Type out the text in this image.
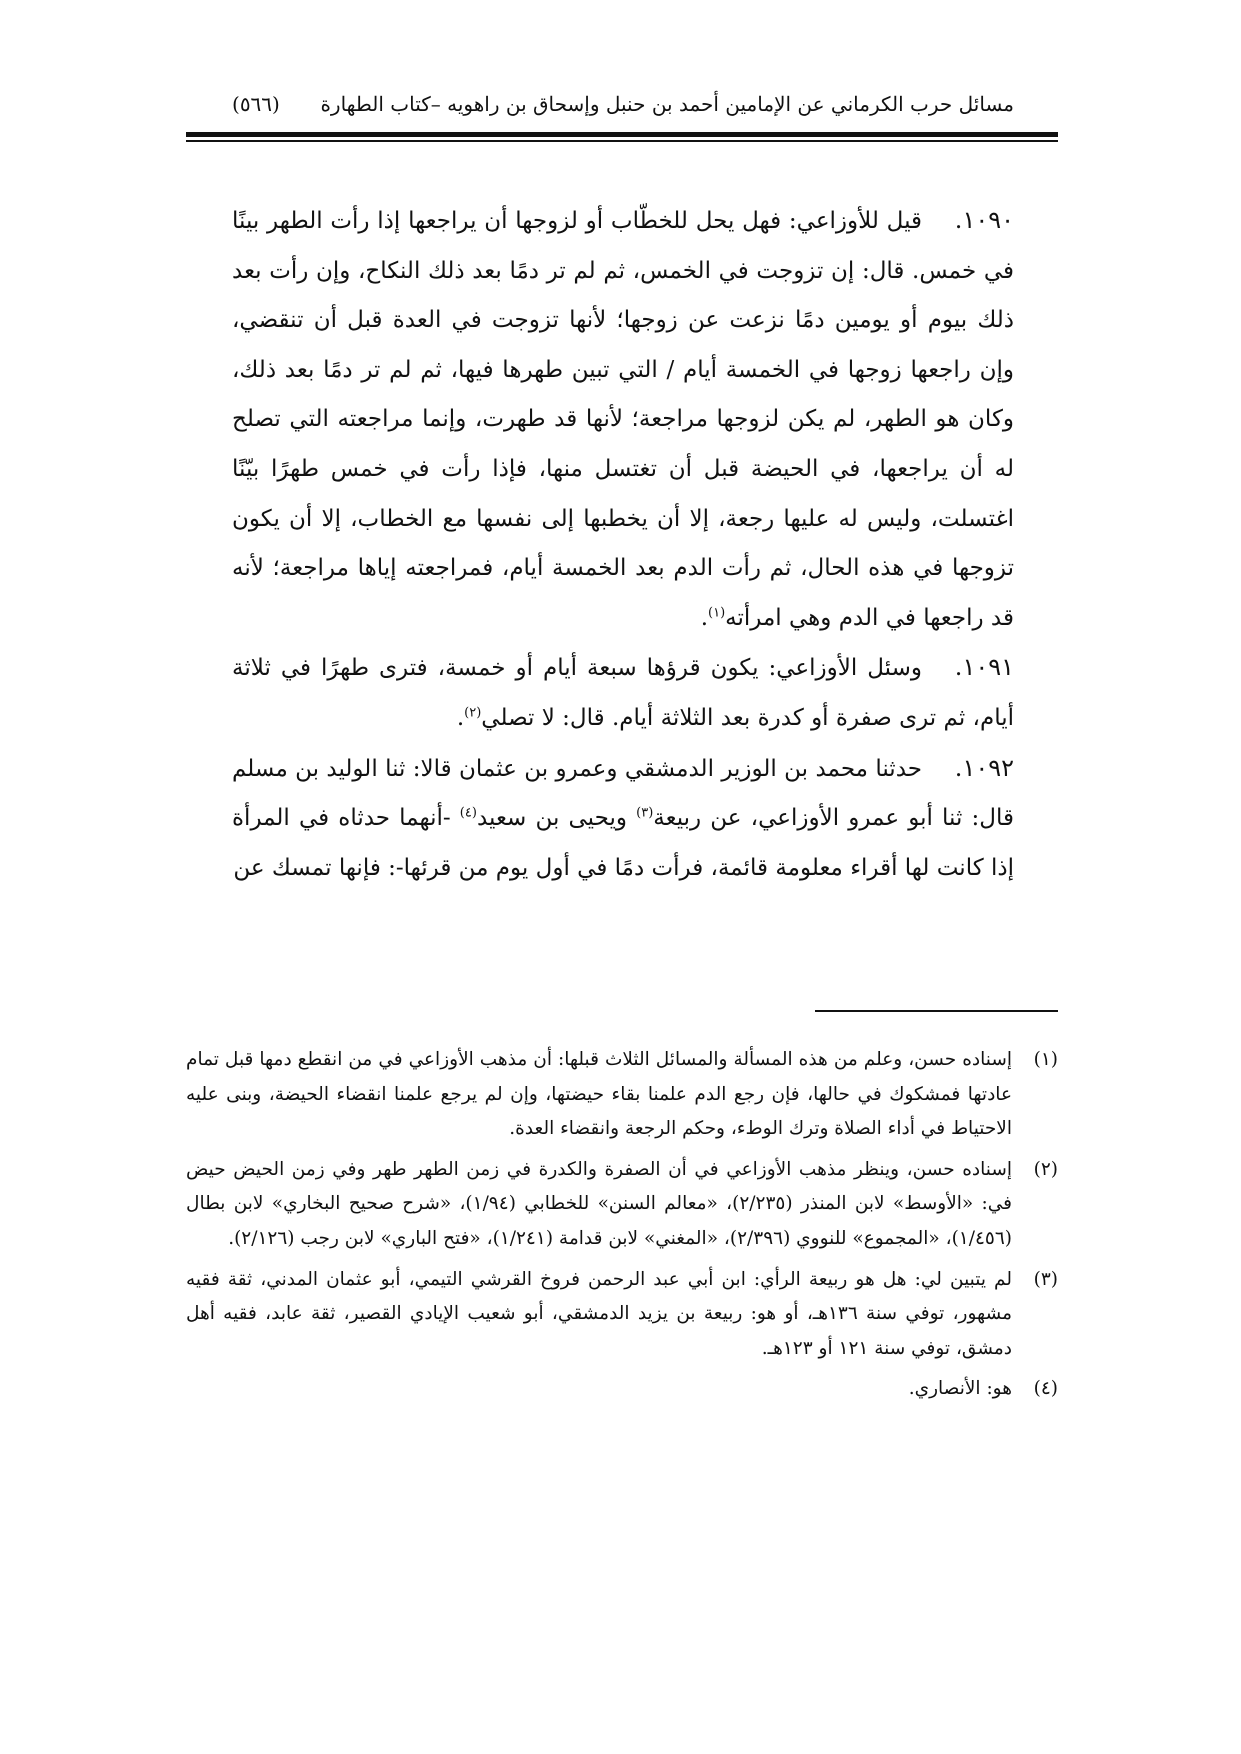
مسائل حرب الكرماني عن الإمامين أحمد بن حنبل وإسحاق بن راهويه –كتاب الطهارة
(٥٦٦)

١٠٩٠.قيل للأوزاعي: فهل يحل للخطّاب أو لزوجها أن يراجعها إذا رأت الطهر بينًا في خمس. قال: إن تزوجت في الخمس، ثم لم تر دمًا بعد ذلك النكاح، وإن رأت بعد ذلك بيوم أو يومين دمًا نزعت عن زوجها؛ لأنها تزوجت في العدة قبل أن تنقضي، وإن راجعها زوجها في الخمسة أيام / التي تبين طهرها فيها، ثم لم تر دمًا بعد ذلك، وكان هو الطهر، لم يكن لزوجها مراجعة؛ لأنها قد طهرت، وإنما مراجعته التي تصلح له أن يراجعها، في الحيضة قبل أن تغتسل منها، فإذا رأت في خمس طهرًا بيّنًا اغتسلت، وليس له عليها رجعة، إلا أن يخطبها إلى نفسها مع الخطاب، إلا أن يكون تزوجها في هذه الحال، ثم رأت الدم بعد الخمسة أيام، فمراجعته إياها مراجعة؛ لأنه قد راجعها في الدم وهي امرأته$^{(١)}$.

١٠٩١.وسئل الأوزاعي: يكون قرؤها سبعة أيام أو خمسة، فترى طهرًا في ثلاثة أيام، ثم ترى صفرة أو كدرة بعد الثلاثة أيام. قال: لا تصلي$^{(٢)}$.

١٠٩٢.حدثنا محمد بن الوزير الدمشقي وعمرو بن عثمان قالا: ثنا الوليد بن مسلم قال: ثنا أبو عمرو الأوزاعي، عن ربيعة$^{(٣)}$ ويحيى بن سعيد$^{(٤)}$ -أنهما حدثاه في المرأة إذا كانت لها أقراء معلومة قائمة، فرأت دمًا في أول يوم من قرئها-: فإنها تمسك عن

(١)إسناده حسن، وعلم من هذه المسألة والمسائل الثلاث قبلها: أن مذهب الأوزاعي في من انقطع دمها قبل تمام عادتها فمشكوك في حالها، فإن رجع الدم علمنا بقاء حيضتها، وإن لم يرجع علمنا انقضاء الحيضة، وبنى عليه الاحتياط في أداء الصلاة وترك الوطء، وحكم الرجعة وانقضاء العدة.

(٢)إسناده حسن، وينظر مذهب الأوزاعي في أن الصفرة والكدرة في زمن الطهر طهر وفي زمن الحيض حيض في: «الأوسط» لابن المنذر (٢/٢٣٥)، «معالم السنن» للخطابي (١/٩٤)، «شرح صحيح البخاري» لابن بطال (١/٤٥٦)، «المجموع» للنووي (٢/٣٩٦)، «المغني» لابن قدامة (١/٢٤١)، «فتح الباري» لابن رجب (٢/١٢٦).

(٣)لم يتبين لي: هل هو ربيعة الرأي: ابن أبي عبد الرحمن فروخ القرشي التيمي، أبو عثمان المدني، ثقة فقيه مشهور، توفي سنة ١٣٦هـ، أو هو: ربيعة بن يزيد الدمشقي، أبو شعيب الإيادي القصير، ثقة عابد، فقيه أهل دمشق، توفي سنة ١٢١ أو ١٢٣هـ.

(٤)هو: الأنصاري.
